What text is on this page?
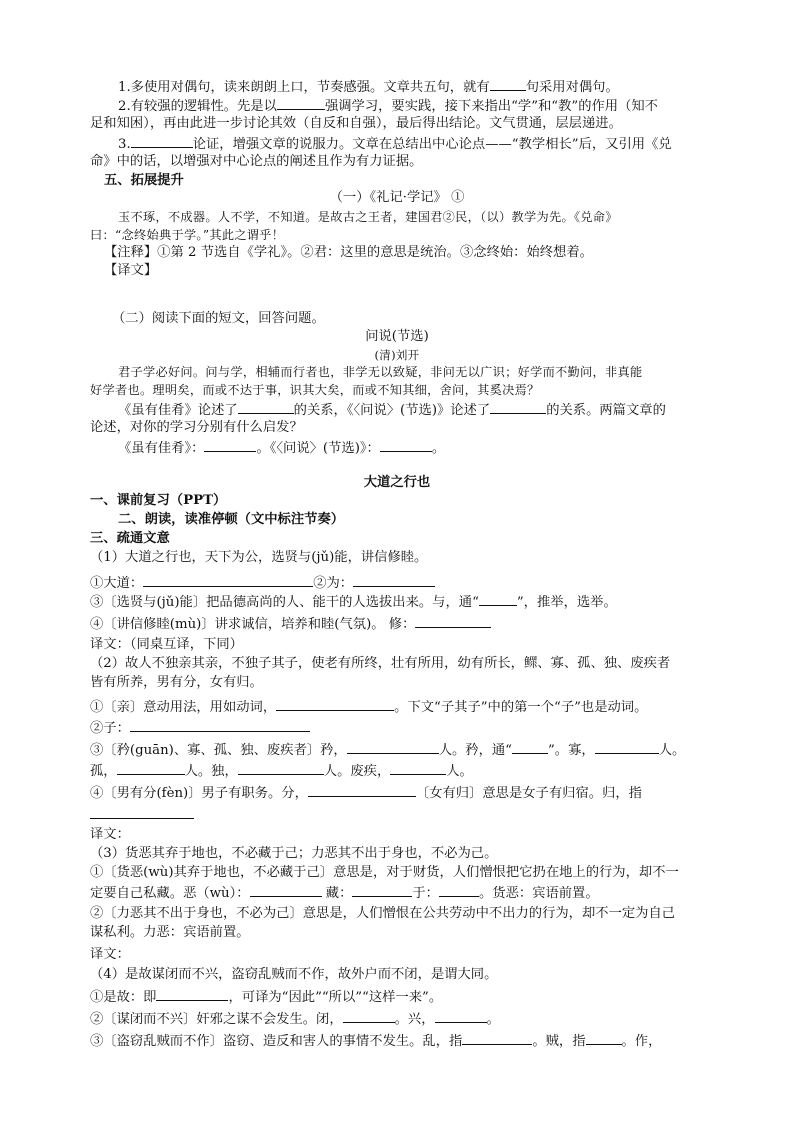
1.多使用对偶句，读来朗朗上口，节奏感强。文章共五句，就有	句采用对偶句。
2.有较强的逻辑性。先是以	强调学习，要实践，接下来指出“学”和“教”的作用（知不
足和知困），再由此进一步讨论其效（自反和自强），最后得出结论。文气贯通，层层递进。
3.	论证，增强文章的说服力。文章在总结出中心论点——“教学相长”后，又引用《兑
命》中的话，以增强对中心论点的阐述且作为有力证据。
五、拓展提升
（一）《礼记·学记》 ①
玉不琢，不成器。人不学，不知道。是故古之王者，建国君②民，（以）教学为先。《兑命》
曰：“念终始典于学。”其此之谓乎！
【注释】①第 2 节选自《学礼》。②君：这里的意思是统治。③念终始：始终想着。
【译文】
（二）阅读下面的短文，回答问题。
问说(节选)
(清)刘开
君子学必好问。问与学，相辅而行者也，非学无以致疑，非问无以广识；好学而不勤问，非真能
好学者也。理明矣，而或不达于事，识其大矣，而或不知其细，舍问，其奚决焉？
《虽有佳肴》论述了	的关系，《〈问说〉(节选)》论述了	的关系。两篇文章的
论述，对你的学习分别有什么启发？
《虽有佳肴》：	。《〈问说〉(节选)》：	。
大道之行也
一、课前复习（PPT）
二、朗读，读准停顿（文中标注节奏）
三、疏通文意
（1）大道之行也，天下为公，选贤与(jǔ)能，讲信修睦。
①大道：	②为：
③〔选贤与(jǔ)能〕把品德高尚的人、能干的人选拔出来。与，通“	”，推举，选举。
④〔讲信修睦(mù)〕讲求诚信，培养和睦(气氛)。 修：
译文：（同桌互译，下同）
（2）故人不独亲其亲，不独子其子，使老有所终，壮有所用，幼有所长，鳏、寡、孤、独、废疾者
皆有所养，男有分，女有归。
①〔亲〕意动用法，用如动词，	。下文“子其子”中的第一个“子”也是动词。
②子：
③〔矜(guān)、寡、孤、独、废疾者〕矜，	人。矜，通“	”。寡，	人。
孤，	人。独，	人。废疾，	人。
④〔男有分(fèn)〕男子有职务。分，	〔女有归〕意思是女子有归宿。归，指
译文：
（3）货恶其弃于地也，不必藏于己；力恶其不出于身也，不必为己。
①〔货恶(wù)其弃于地也，不必藏于己〕意思是，对于财货，人们憎恨把它扔在地上的行为，却不一
定要自己私藏。恶（wù）：	藏：	于：	。货恶：宾语前置。
②〔力恶其不出于身也，不必为己〕意思是，人们憎恨在公共劳动中不出力的行为，却不一定为自己
谋私利。力恶：宾语前置。
译文：
（4）是故谋闭而不兴，盗窃乱贼而不作，故外户而不闭，是谓大同。
①是故：即	，可译为“因此”“所以”“这样一来”。
②〔谋闭而不兴〕奸邪之谋不会发生。闭，	。兴，	。
③〔盗窃乱贼而不作〕盗窃、造反和害人的事情不发生。乱，指	。贼，指	。作，
